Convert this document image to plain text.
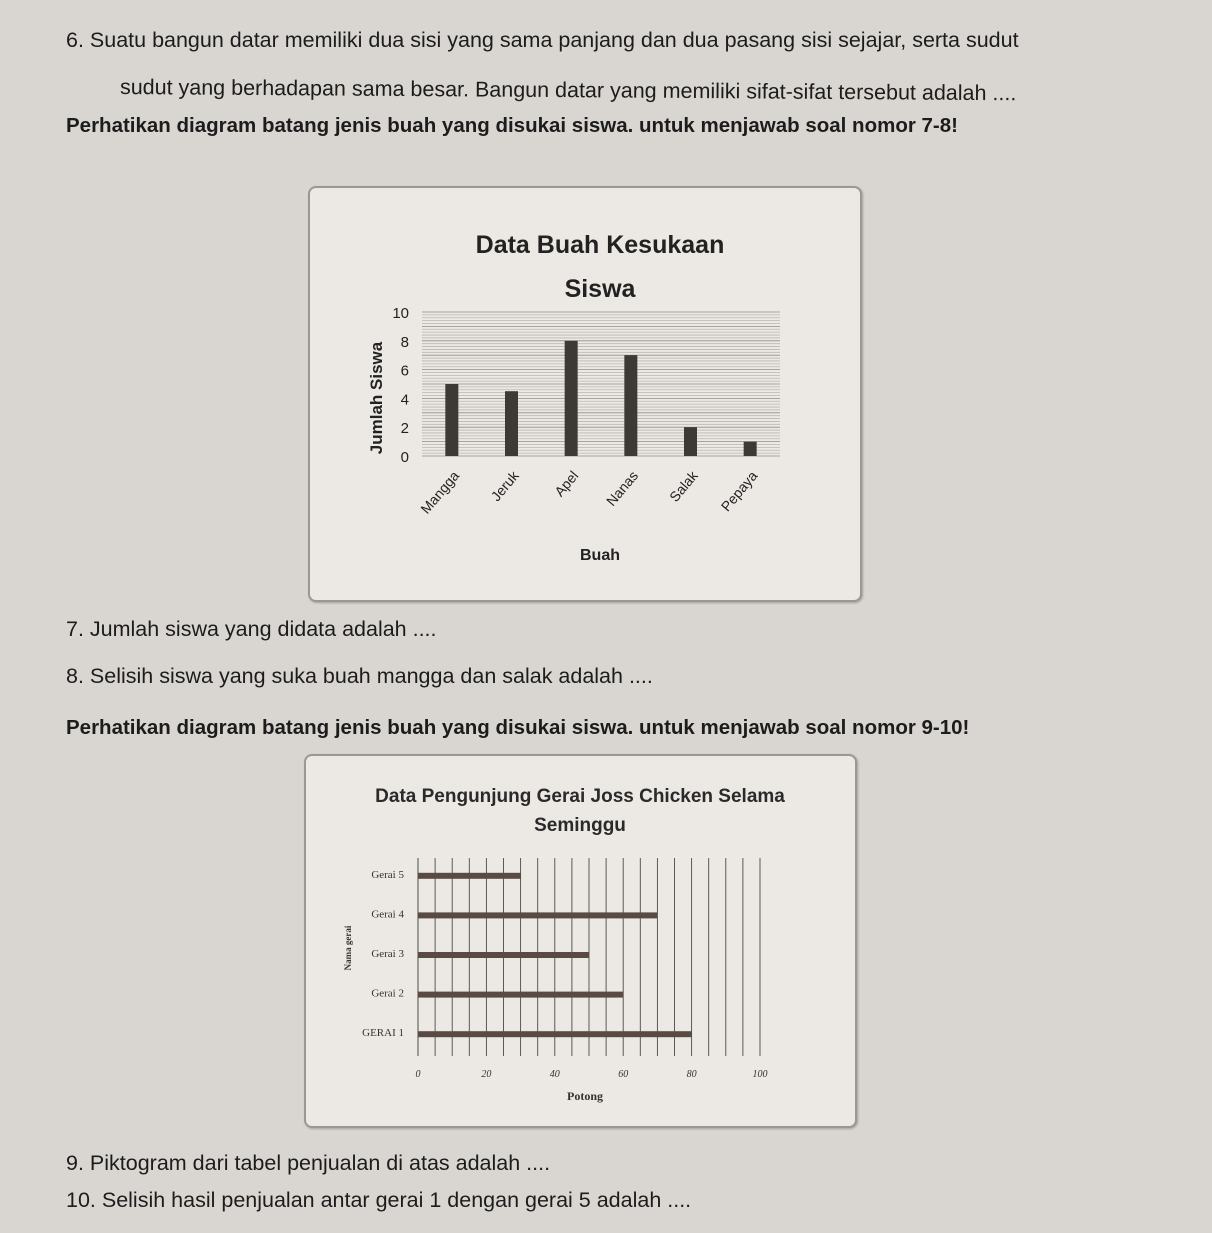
6. Suatu bangun datar memiliki dua sisi yang sama panjang dan dua pasang sisi sejajar, serta sudut
sudut yang berhadapan sama besar. Bangun datar yang memiliki sifat-sifat tersebut adalah ....
Perhatikan diagram batang jenis buah yang disukai siswa. untuk menjawab soal nomor 7-8!
Data Buah Kesukaan
Siswa
0
2
4
6
8
10
Mangga Jeruk Apel Nanas Salak Pepaya
Jumlah Siswa
Buah
7. Jumlah siswa yang didata adalah ....
8. Selisih siswa yang suka buah mangga dan salak adalah ....
Perhatikan diagram batang jenis buah yang disukai siswa. untuk menjawab soal nomor 9-10!
Data Pengunjung Gerai Joss Chicken Selama
Seminggu
Gerai 5
Gerai 4
Gerai 3
Gerai 2
GERAI 1
0	20	40	60	80	100
Nama gerai
Potong
9. Piktogram dari tabel penjualan di atas adalah ....
10. Selisih hasil penjualan antar gerai 1 dengan gerai 5 adalah ....
